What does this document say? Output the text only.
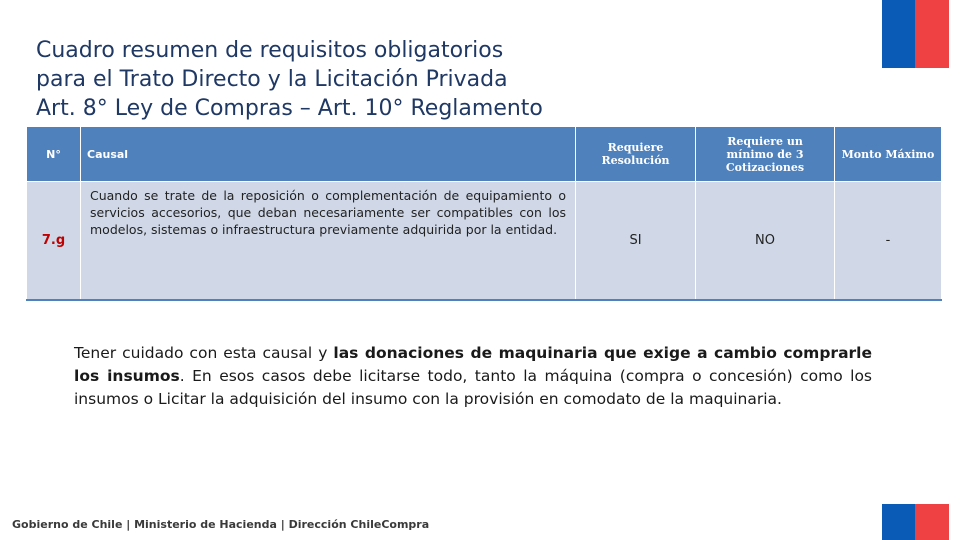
Cuadro resumen de requisitos obligatorios
para el Trato Directo y la Licitación Privada
Art. 8° Ley de Compras – Art. 10° Reglamento
N°	Causal	Requiere Resolución	Requiere un mínimo de 3 Cotizaciones	Monto Máximo
7.g	Cuando se trate de la reposición o complementación de equipamiento o servicios accesorios, que deban necesariamente ser compatibles con los modelos, sistemas o infraestructura previamente adquirida por la entidad.	SI	NO	-
Tener cuidado con esta causal y las donaciones de maquinaria que exige a cambio comprarle los insumos. En esos casos debe licitarse todo, tanto la máquina (compra o concesión) como los insumos o Licitar la adquisición del insumo con la provisión en comodato de la maquinaria.
Gobierno de Chile | Ministerio de Hacienda | Dirección ChileCompra
